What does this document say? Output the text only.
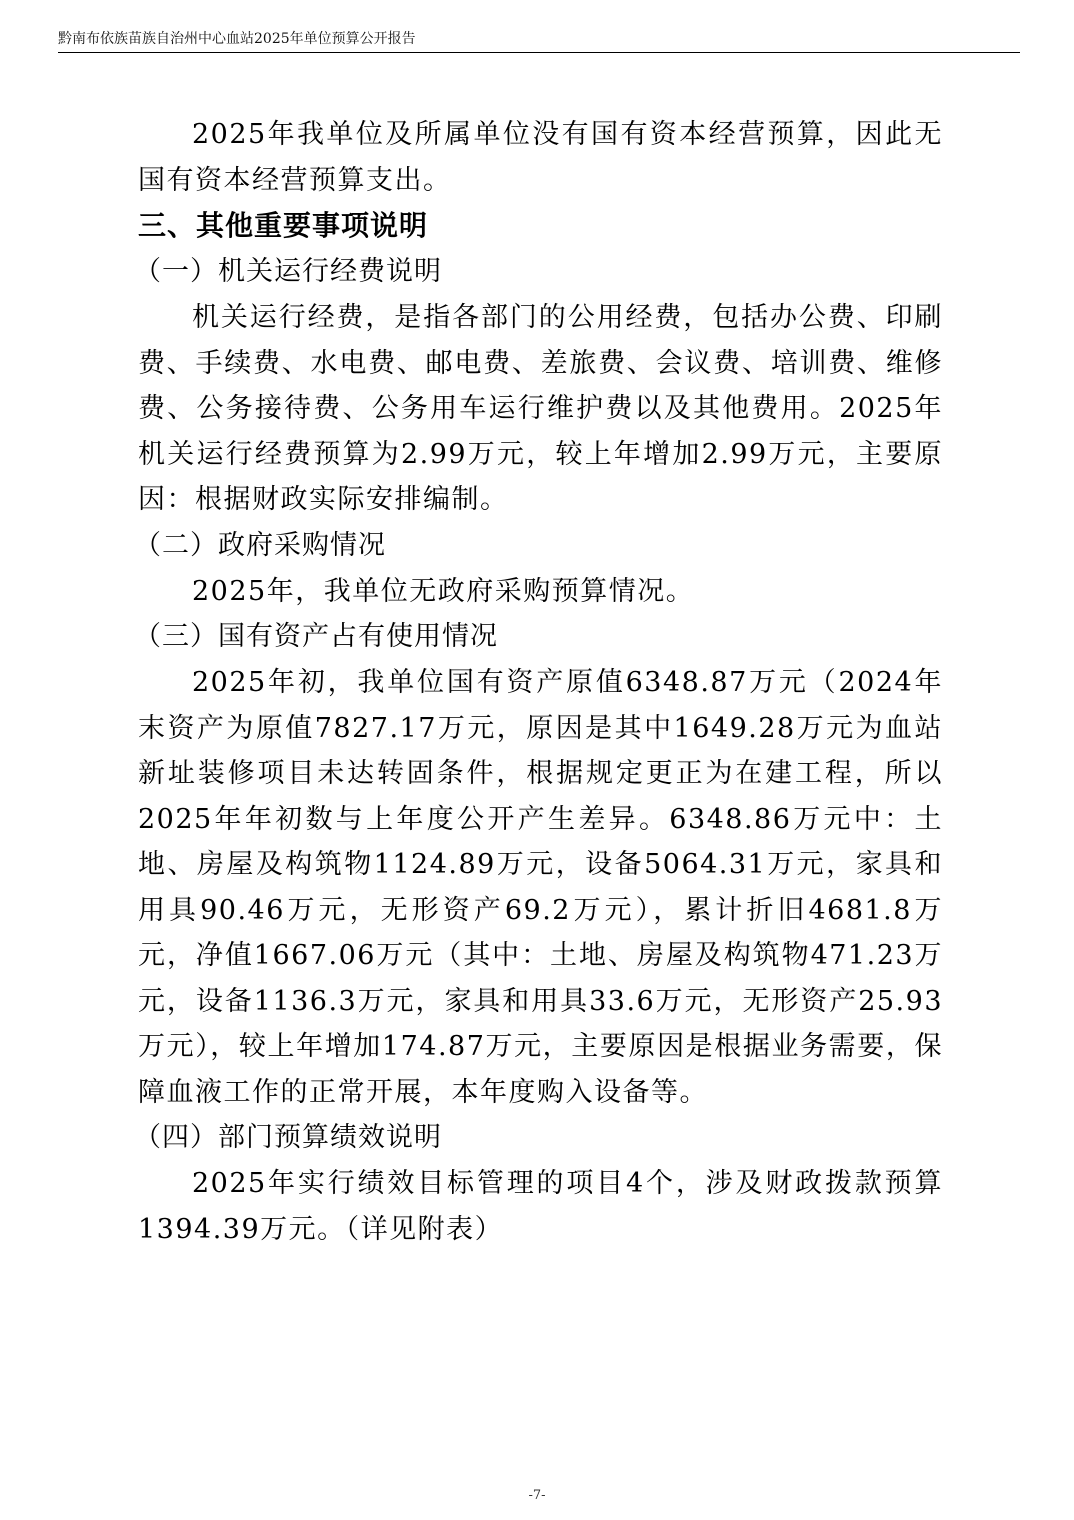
黔南布依族苗族自治州中心血站2025年单位预算公开报告

2025年我单位及所属单位没有国有资本经营预算，因此无国有资本经营预算支出。

三、其他重要事项说明
（一）机关运行经费说明

机关运行经费，是指各部门的公用经费，包括办公费、印刷费、手续费、水电费、邮电费、差旅费、会议费、培训费、维修费、公务接待费、公务用车运行维护费以及其他费用。2025年机关运行经费预算为2.99万元，较上年增加2.99万元，主要原因：根据财政实际安排编制。

（二）政府采购情况

2025年，我单位无政府采购预算情况。

（三）国有资产占有使用情况

2025年初，我单位国有资产原值6348.87万元（2024年末资产为原值7827.17万元，原因是其中1649.28万元为血站新址装修项目未达转固条件，根据规定更正为在建工程，所以2025年年初数与上年度公开产生差异。6348.86万元中：土地、房屋及构筑物1124.89万元，设备5064.31万元，家具和用具90.46万元，无形资产69.2万元），累计折旧4681.8万元，净值1667.06万元（其中：土地、房屋及构筑物471.23万元，设备1136.3万元，家具和用具33.6万元，无形资产25.93万元），较上年增加174.87万元，主要原因是根据业务需要，保障血液工作的正常开展，本年度购入设备等。

（四）部门预算绩效说明

2025年实行绩效目标管理的项目4个，涉及财政拨款预算1394.39万元。（详见附表）

-7-
